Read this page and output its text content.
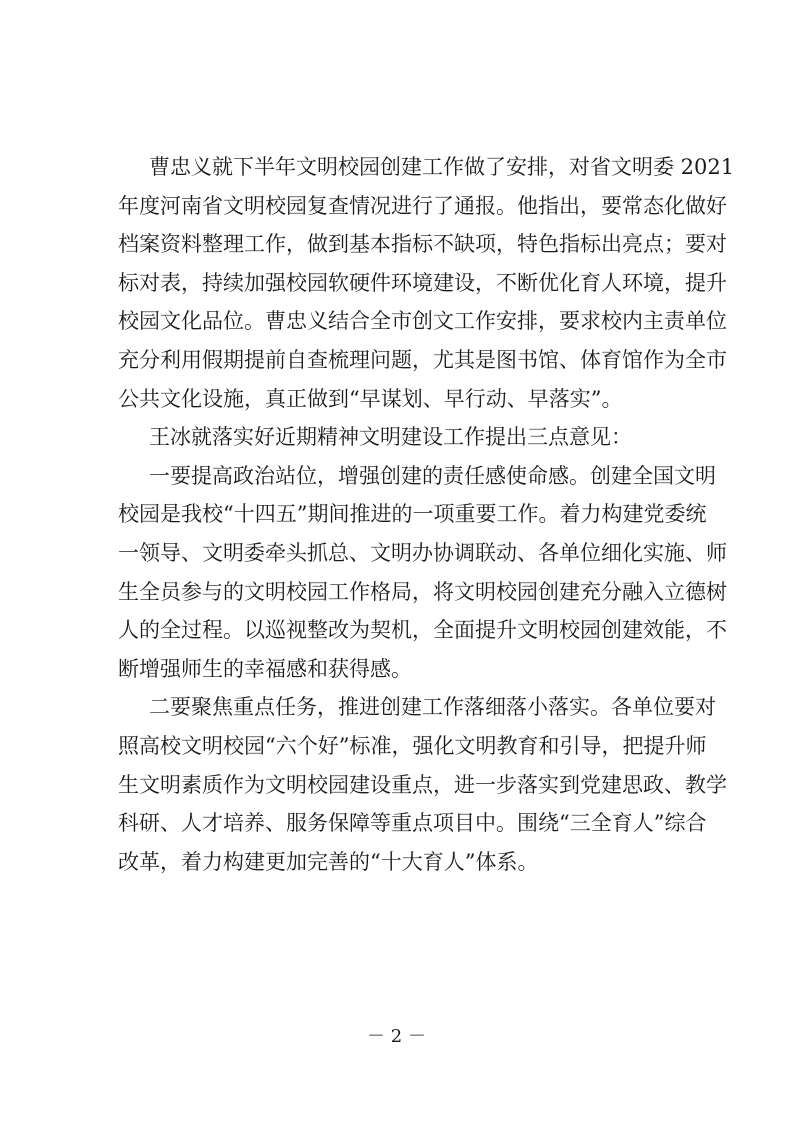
曹忠义就下半年文明校园创建工作做了安排，对省文明委 2021
年度河南省文明校园复查情况进行了通报。他指出，要常态化做好
档案资料整理工作，做到基本指标不缺项，特色指标出亮点；要对
标对表，持续加强校园软硬件环境建设，不断优化育人环境，提升
校园文化品位。曹忠义结合全市创文工作安排，要求校内主责单位
充分利用假期提前自查梳理问题，尤其是图书馆、体育馆作为全市
公共文化设施，真正做到“早谋划、早行动、早落实”。
王冰就落实好近期精神文明建设工作提出三点意见：
一要提高政治站位，增强创建的责任感使命感。创建全国文明
校园是我校“十四五”期间推进的一项重要工作。着力构建党委统
一领导、文明委牵头抓总、文明办协调联动、各单位细化实施、师
生全员参与的文明校园工作格局，将文明校园创建充分融入立德树
人的全过程。以巡视整改为契机，全面提升文明校园创建效能，不
断增强师生的幸福感和获得感。
二要聚焦重点任务，推进创建工作落细落小落实。各单位要对
照高校文明校园“六个好”标准，强化文明教育和引导，把提升师
生文明素质作为文明校园建设重点，进一步落实到党建思政、教学
科研、人才培养、服务保障等重点项目中。围绕“三全育人”综合
改革，着力构建更加完善的“十大育人”体系。
－ 2 －
